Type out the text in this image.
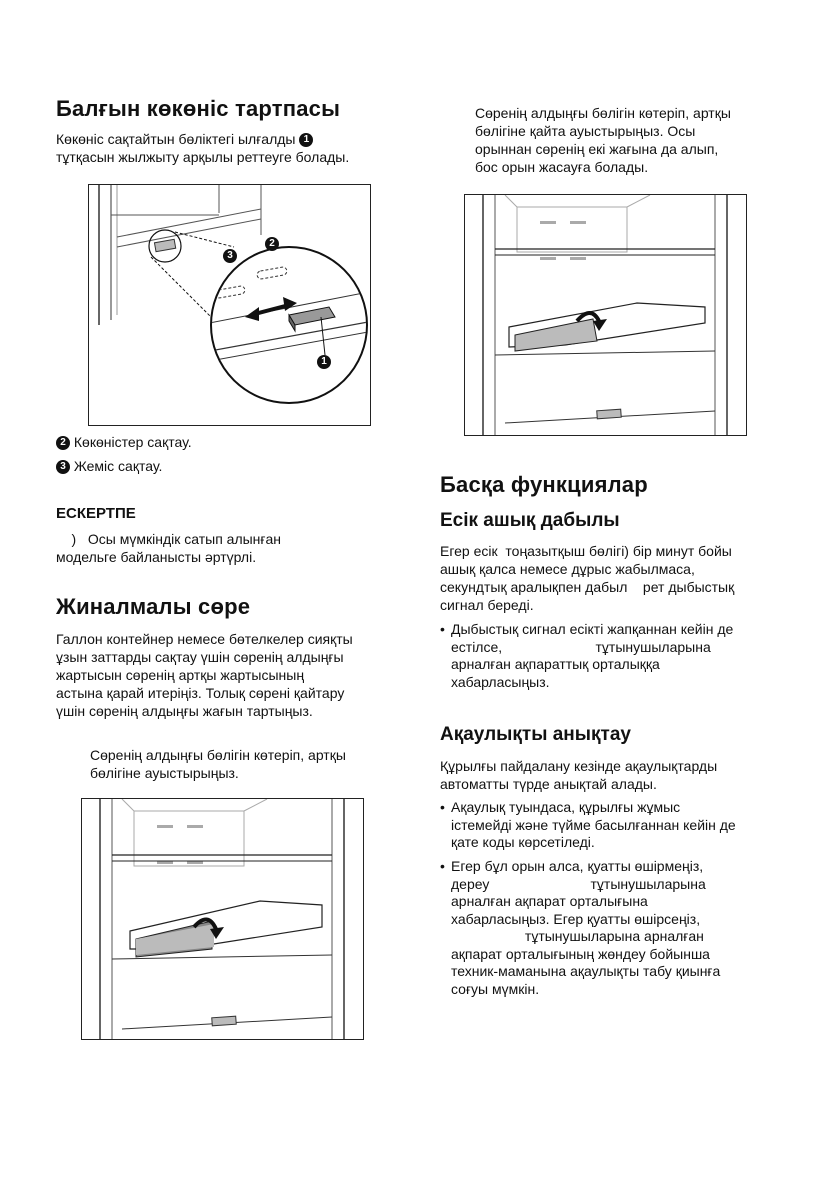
Балғын көкөніс тартпасы
Көкөніс сақтайтын бөліктегі ылғалды 1
тұтқасын жылжыту арқылы реттеуге болады.
3
2
1
2 Көкөністер сақтау.
3 Жеміс сақтау.
ЕСКЕРТПЕ
)   Осы мүмкіндік сатып алынған
модельге байланысты әртүрлі.
Жиналмалы сөре
Галлон контейнер немесе бөтелкелер сияқты
ұзын заттарды сақтау үшін сөренің алдыңғы
жартысын сөренің артқы жартысының
астына қарай итеріңіз. Толық сөрені қайтару
үшін сөренің алдыңғы жағын тартыңыз.
Сөренің алдыңғы бөлігін көтеріп, артқы
бөлігіне ауыстырыңыз.
Сөренің алдыңғы бөлігін көтеріп, артқы
бөлігіне қайта ауыстырыңыз. Осы
орыннан сөренің екі жағына да алып,
бос орын жасауға болады.
Басқа функциялар
Есік ашық дабылы
Егер есік  тоңазытқыш бөлігі) бір минут бойы
ашық қалса немесе дұрыс жабылмаса,
секундтық аралықпен дабыл    рет дыбыстық
сигнал береді.
• Дыбыстық сигнал есікті жапқаннан кейін де
естілсе,                        тұтынушыларына
арналған ақпараттық орталыққа
хабарласыңыз.
Ақаулықты анықтау
Құрылғы пайдалану кезінде ақаулықтарды
автоматты түрде анықтай алады.
• Ақаулық туындаса, құрылғы жұмыс
істемейді және түйме басылғаннан кейін де
қате коды көрсетіледі.
• Егер бұл орын алса, қуатты өшірмеңіз,
дереу                          тұтынушыларына
арналған ақпарат орталығына
хабарласыңыз. Егер қуатты өшірсеңіз,
тұтынушыларына арналған
ақпарат орталығының жөндеу бойынша
техник-маманына ақаулықты табу қиынға
соғуы мүмкін.
